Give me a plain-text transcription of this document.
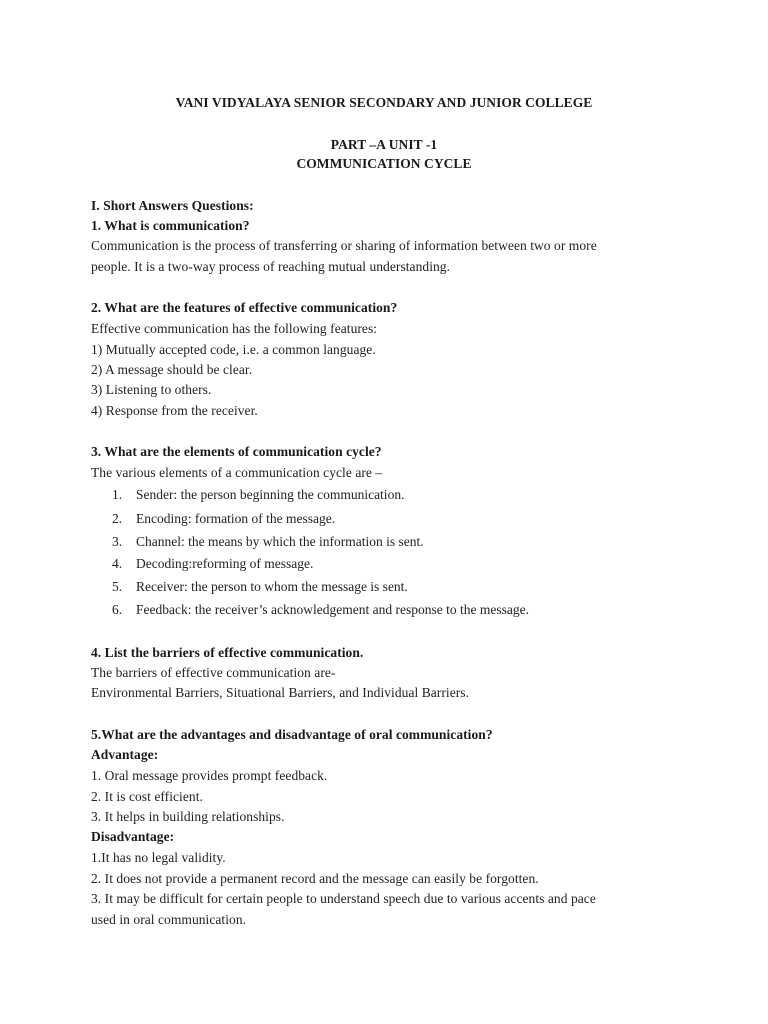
VANI VIDYALAYA SENIOR SECONDARY AND JUNIOR COLLEGE
PART –A UNIT -1
COMMUNICATION CYCLE
I. Short Answers Questions:
1. What is communication?
Communication is the process of transferring or sharing of information between two or more
people. It is a two-way process of reaching mutual understanding.
2. What are the features of effective communication?
Effective communication has the following features:
1) Mutually accepted code, i.e. a common language.
2) A message should be clear.
3) Listening to others.
4) Response from the receiver.
3. What are the elements of communication cycle?
The various elements of a communication cycle are –
1. Sender: the person beginning the communication.
2. Encoding: formation of the message.
3. Channel: the means by which the information is sent.
4. Decoding:reforming of message.
5. Receiver: the person to whom the message is sent.
6. Feedback: the receiver’s acknowledgement and response to the message.
4. List the barriers of effective communication.
The barriers of effective communication are-
Environmental Barriers, Situational Barriers, and Individual Barriers.
5.What are the advantages and disadvantage of oral communication?
Advantage:
1. Oral message provides prompt feedback.
2. It is cost efficient.
3. It helps in building relationships.
Disadvantage:
1.It has no legal validity.
2. It does not provide a permanent record and the message can easily be forgotten.
3. It may be difficult for certain people to understand speech due to various accents and pace
used in oral communication.
